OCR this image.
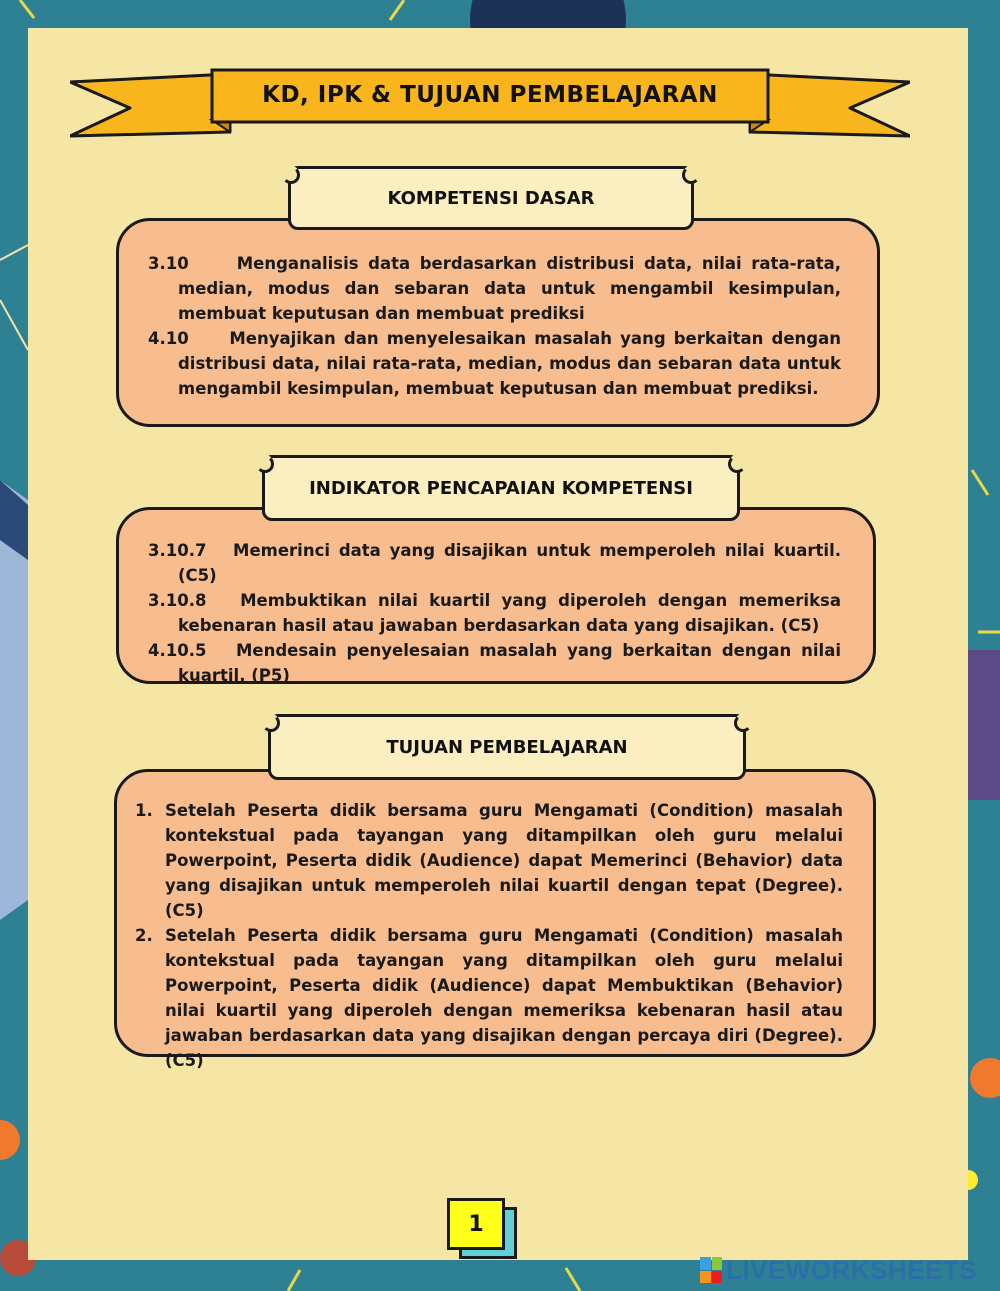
KD, IPK & TUJUAN PEMBELAJARAN
KOMPETENSI DASAR
3.10	Menganalisis data berdasarkan distribusi data, nilai rata-rata, median, modus dan sebaran data untuk mengambil kesimpulan, membuat keputusan dan membuat prediksi
4.10 Menyajikan dan menyelesaikan masalah yang berkaitan dengan distribusi data, nilai rata-rata, median, modus dan sebaran data untuk mengambil kesimpulan, membuat keputusan dan membuat prediksi.
INDIKATOR PENCAPAIAN KOMPETENSI
3.10.7 Memerinci data yang disajikan untuk memperoleh nilai kuartil. (C5)
3.10.8 Membuktikan nilai kuartil yang diperoleh dengan memeriksa kebenaran hasil atau jawaban berdasarkan data yang disajikan. (C5)
4.10.5 Mendesain penyelesaian masalah yang berkaitan dengan nilai kuartil. (P5)
TUJUAN PEMBELAJARAN
1. Setelah Peserta didik bersama guru Mengamati (Condition) masalah kontekstual pada tayangan yang ditampilkan oleh guru melalui Powerpoint, Peserta didik (Audience) dapat Memerinci (Behavior) data yang disajikan untuk memperoleh nilai kuartil dengan tepat (Degree). (C5)
2. Setelah Peserta didik bersama guru Mengamati (Condition) masalah kontekstual pada tayangan yang ditampilkan oleh guru melalui Powerpoint, Peserta didik (Audience) dapat Membuktikan (Behavior) nilai kuartil yang diperoleh dengan memeriksa kebenaran hasil atau jawaban berdasarkan data yang disajikan dengan percaya diri (Degree). (C5)
1
LIVEWORKSHEETS
